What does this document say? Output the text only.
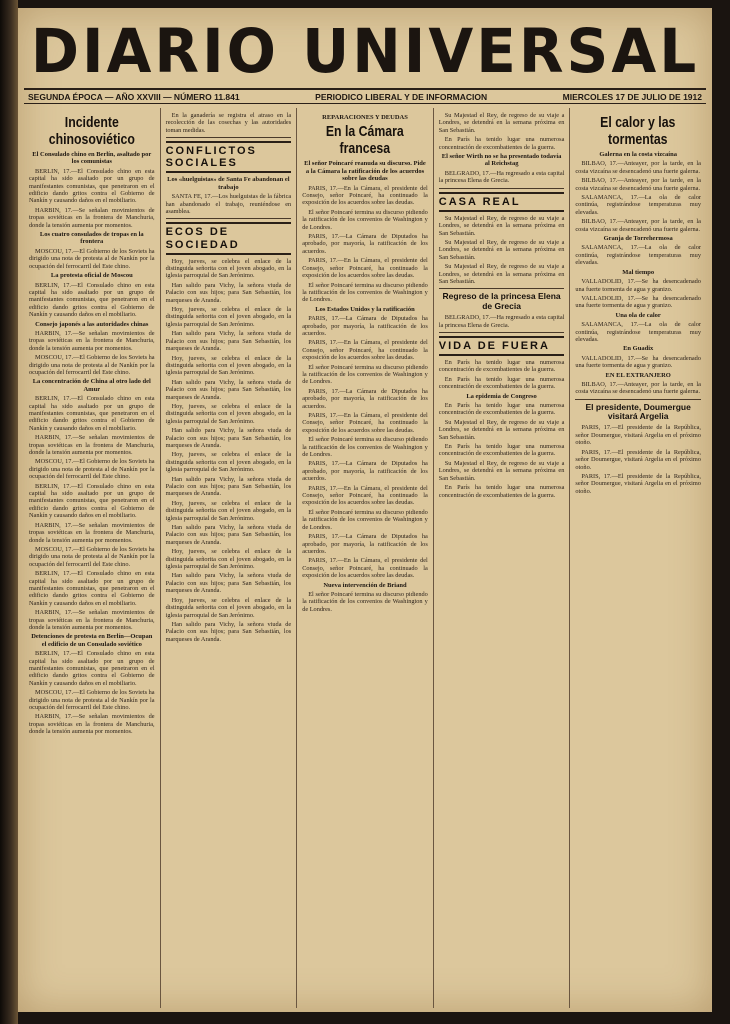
DIARIO UNIVERSAL
SEGUNDA ÉPOCA — AÑO XXVIII — NÚMERO 11.841	PERIODICO LIBERAL Y DE INFORMACION	MIERCOLES 17 DE JULIO DE 1912
Incidente chinosoviético
El Consulado chino en Berlín, asaltado por los comunistas

BERLIN, 17.—El Consulado chino en esta capital ha sido asaltado por un grupo de manifestantes comunistas, que penetraron en el edificio dando gritos contra el Gobierno de Nankín y causando daños en el mobiliario.

HARBIN, 17.—Se señalan movimientos de tropas soviéticas en la frontera de Manchuria, donde la tensión aumenta por momentos.

Los cuatro consulados de tropas en la frontera

MOSCOU, 17.—El Gobierno de los Soviets ha dirigido una nota de protesta al de Nankín por la ocupación del ferrocarril del Este chino.

La protesta oficial de Moscou

BERLIN, 17.—El Consulado chino en esta capital ha sido asaltado por un grupo de manifestantes comunistas, que penetraron en el edificio dando gritos contra el Gobierno de Nankín y causando daños en el mobiliario.

Consejo japonés a las autoridades chinas

HARBIN, 17.—Se señalan movimientos de tropas soviéticas en la frontera de Manchuria, donde la tensión aumenta por momentos.

MOSCOU, 17.—El Gobierno de los Soviets ha dirigido una nota de protesta al de Nankín por la ocupación del ferrocarril del Este chino.

La concentración de China al otro lado del Amur

BERLIN, 17.—El Consulado chino en esta capital ha sido asaltado por un grupo de manifestantes comunistas, que penetraron en el edificio dando gritos contra el Gobierno de Nankín y causando daños en el mobiliario.

HARBIN, 17.—Se señalan movimientos de tropas soviéticas en la frontera de Manchuria, donde la tensión aumenta por momentos.

MOSCOU, 17.—El Gobierno de los Soviets ha dirigido una nota de protesta al de Nankín por la ocupación del ferrocarril del Este chino.

BERLIN, 17.—El Consulado chino en esta capital ha sido asaltado por un grupo de manifestantes comunistas, que penetraron en el edificio dando gritos contra el Gobierno de Nankín y causando daños en el mobiliario.

HARBIN, 17.—Se señalan movimientos de tropas soviéticas en la frontera de Manchuria, donde la tensión aumenta por momentos.

MOSCOU, 17.—El Gobierno de los Soviets ha dirigido una nota de protesta al de Nankín por la ocupación del ferrocarril del Este chino.

BERLIN, 17.—El Consulado chino en esta capital ha sido asaltado por un grupo de manifestantes comunistas, que penetraron en el edificio dando gritos contra el Gobierno de Nankín y causando daños en el mobiliario.

HARBIN, 17.—Se señalan movimientos de tropas soviéticas en la frontera de Manchuria, donde la tensión aumenta por momentos.

Detenciones de protesta en Berlín—Ocupan el edificio de un Consulado soviético

BERLIN, 17.—El Consulado chino en esta capital ha sido asaltado por un grupo de manifestantes comunistas, que penetraron en el edificio dando gritos contra el Gobierno de Nankín y causando daños en el mobiliario.

MOSCOU, 17.—El Gobierno de los Soviets ha dirigido una nota de protesta al de Nankín por la ocupación del ferrocarril del Este chino.

HARBIN, 17.—Se señalan movimientos de tropas soviéticas en la frontera de Manchuria, donde la tensión aumenta por momentos.

En la ganadería se registra el atraso en la recolección de las cosechas y las autoridades toman medidas.

CONFLICTOS SOCIALES
Los «huelguistas» de Santa Fe abandonan el trabajo

SANTA FE, 17.—Los huelguistas de la fábrica han abandonado el trabajo, reuniéndose en asamblea.

ECOS DE SOCIEDAD

Hoy, jueves, se celebra el enlace de la distinguida señorita con el joven abogado, en la iglesia parroquial de San Jerónimo.

Han salido para Vichy, la señora viuda de Palacio con sus hijos; para San Sebastián, los marqueses de Aranda.

Hoy, jueves, se celebra el enlace de la distinguida señorita con el joven abogado, en la iglesia parroquial de San Jerónimo.

Han salido para Vichy, la señora viuda de Palacio con sus hijos; para San Sebastián, los marqueses de Aranda.

Hoy, jueves, se celebra el enlace de la distinguida señorita con el joven abogado, en la iglesia parroquial de San Jerónimo.

Han salido para Vichy, la señora viuda de Palacio con sus hijos; para San Sebastián, los marqueses de Aranda.

Hoy, jueves, se celebra el enlace de la distinguida señorita con el joven abogado, en la iglesia parroquial de San Jerónimo.

Han salido para Vichy, la señora viuda de Palacio con sus hijos; para San Sebastián, los marqueses de Aranda.

Hoy, jueves, se celebra el enlace de la distinguida señorita con el joven abogado, en la iglesia parroquial de San Jerónimo.

Han salido para Vichy, la señora viuda de Palacio con sus hijos; para San Sebastián, los marqueses de Aranda.

Hoy, jueves, se celebra el enlace de la distinguida señorita con el joven abogado, en la iglesia parroquial de San Jerónimo.

Han salido para Vichy, la señora viuda de Palacio con sus hijos; para San Sebastián, los marqueses de Aranda.

Hoy, jueves, se celebra el enlace de la distinguida señorita con el joven abogado, en la iglesia parroquial de San Jerónimo.

Han salido para Vichy, la señora viuda de Palacio con sus hijos; para San Sebastián, los marqueses de Aranda.

Hoy, jueves, se celebra el enlace de la distinguida señorita con el joven abogado, en la iglesia parroquial de San Jerónimo.

Han salido para Vichy, la señora viuda de Palacio con sus hijos; para San Sebastián, los marqueses de Aranda.

REPARACIONES Y DEUDAS
En la Cámara francesa
El señor Poincaré reanuda su discurso. Pide a la Cámara la ratificación de los acuerdos sobre las deudas

PARIS, 17.—En la Cámara, el presidente del Consejo, señor Poincaré, ha continuado la exposición de los acuerdos sobre las deudas.

El señor Poincaré termina su discurso pidiendo la ratificación de los convenios de Washington y de Londres.

PARIS, 17.—La Cámara de Diputados ha aprobado, por mayoría, la ratificación de los acuerdos.

PARIS, 17.—En la Cámara, el presidente del Consejo, señor Poincaré, ha continuado la exposición de los acuerdos sobre las deudas.

El señor Poincaré termina su discurso pidiendo la ratificación de los convenios de Washington y de Londres.

Los Estados Unidos y la ratificación

PARIS, 17.—La Cámara de Diputados ha aprobado, por mayoría, la ratificación de los acuerdos.

PARIS, 17.—En la Cámara, el presidente del Consejo, señor Poincaré, ha continuado la exposición de los acuerdos sobre las deudas.

El señor Poincaré termina su discurso pidiendo la ratificación de los convenios de Washington y de Londres.

PARIS, 17.—La Cámara de Diputados ha aprobado, por mayoría, la ratificación de los acuerdos.

PARIS, 17.—En la Cámara, el presidente del Consejo, señor Poincaré, ha continuado la exposición de los acuerdos sobre las deudas.

El señor Poincaré termina su discurso pidiendo la ratificación de los convenios de Washington y de Londres.

PARIS, 17.—La Cámara de Diputados ha aprobado, por mayoría, la ratificación de los acuerdos.

PARIS, 17.—En la Cámara, el presidente del Consejo, señor Poincaré, ha continuado la exposición de los acuerdos sobre las deudas.

El señor Poincaré termina su discurso pidiendo la ratificación de los convenios de Washington y de Londres.

PARIS, 17.—La Cámara de Diputados ha aprobado, por mayoría, la ratificación de los acuerdos.

PARIS, 17.—En la Cámara, el presidente del Consejo, señor Poincaré, ha continuado la exposición de los acuerdos sobre las deudas.

Nueva intervención de Briand

El señor Poincaré termina su discurso pidiendo la ratificación de los convenios de Washington y de Londres.

Su Majestad el Rey, de regreso de su viaje a Londres, se detendrá en la semana próxima en San Sebastián.

En París ha tenido lugar una numerosa concentración de excombatientes de la guerra.

El señor Wirth no se ha presentado todavía al Reichstag

BELGRADO, 17.—Ha regresado a esta capital la princesa Elena de Grecia.

CASA REAL

Su Majestad el Rey, de regreso de su viaje a Londres, se detendrá en la semana próxima en San Sebastián.

Su Majestad el Rey, de regreso de su viaje a Londres, se detendrá en la semana próxima en San Sebastián.

Su Majestad el Rey, de regreso de su viaje a Londres, se detendrá en la semana próxima en San Sebastián.

Regreso de la princesa Elena de Grecia

BELGRADO, 17.—Ha regresado a esta capital la princesa Elena de Grecia.

VIDA DE FUERA

En París ha tenido lugar una numerosa concentración de excombatientes de la guerra.

En París ha tenido lugar una numerosa concentración de excombatientes de la guerra.

La epidemia de Congreso

En París ha tenido lugar una numerosa concentración de excombatientes de la guerra.

Su Majestad el Rey, de regreso de su viaje a Londres, se detendrá en la semana próxima en San Sebastián.

En París ha tenido lugar una numerosa concentración de excombatientes de la guerra.

Su Majestad el Rey, de regreso de su viaje a Londres, se detendrá en la semana próxima en San Sebastián.

En París ha tenido lugar una numerosa concentración de excombatientes de la guerra.

El calor y las tormentas
Galerna en la costa vizcaína

BILBAO, 17.—Anteayer, por la tarde, en la costa vizcaína se desencadenó una fuerte galerna.

BILBAO, 17.—Anteayer, por la tarde, en la costa vizcaína se desencadenó una fuerte galerna.

SALAMANCA, 17.—La ola de calor continúa, registrándose temperaturas muy elevadas.

BILBAO, 17.—Anteayer, por la tarde, en la costa vizcaína se desencadenó una fuerte galerna.

Granja de Torrehermosa

SALAMANCA, 17.—La ola de calor continúa, registrándose temperaturas muy elevadas.

Mal tiempo

VALLADOLID, 17.—Se ha desencadenado una fuerte tormenta de agua y granizo.

VALLADOLID, 17.—Se ha desencadenado una fuerte tormenta de agua y granizo.

Una ola de calor

SALAMANCA, 17.—La ola de calor continúa, registrándose temperaturas muy elevadas.

En Guadix

VALLADOLID, 17.—Se ha desencadenado una fuerte tormenta de agua y granizo.

EN EL EXTRANJERO

BILBAO, 17.—Anteayer, por la tarde, en la costa vizcaína se desencadenó una fuerte galerna.

El presidente, Doumergue visitará Argelia

PARIS, 17.—El presidente de la República, señor Doumergue, visitará Argelia en el próximo otoño.

PARIS, 17.—El presidente de la República, señor Doumergue, visitará Argelia en el próximo otoño.

PARIS, 17.—El presidente de la República, señor Doumergue, visitará Argelia en el próximo otoño.
